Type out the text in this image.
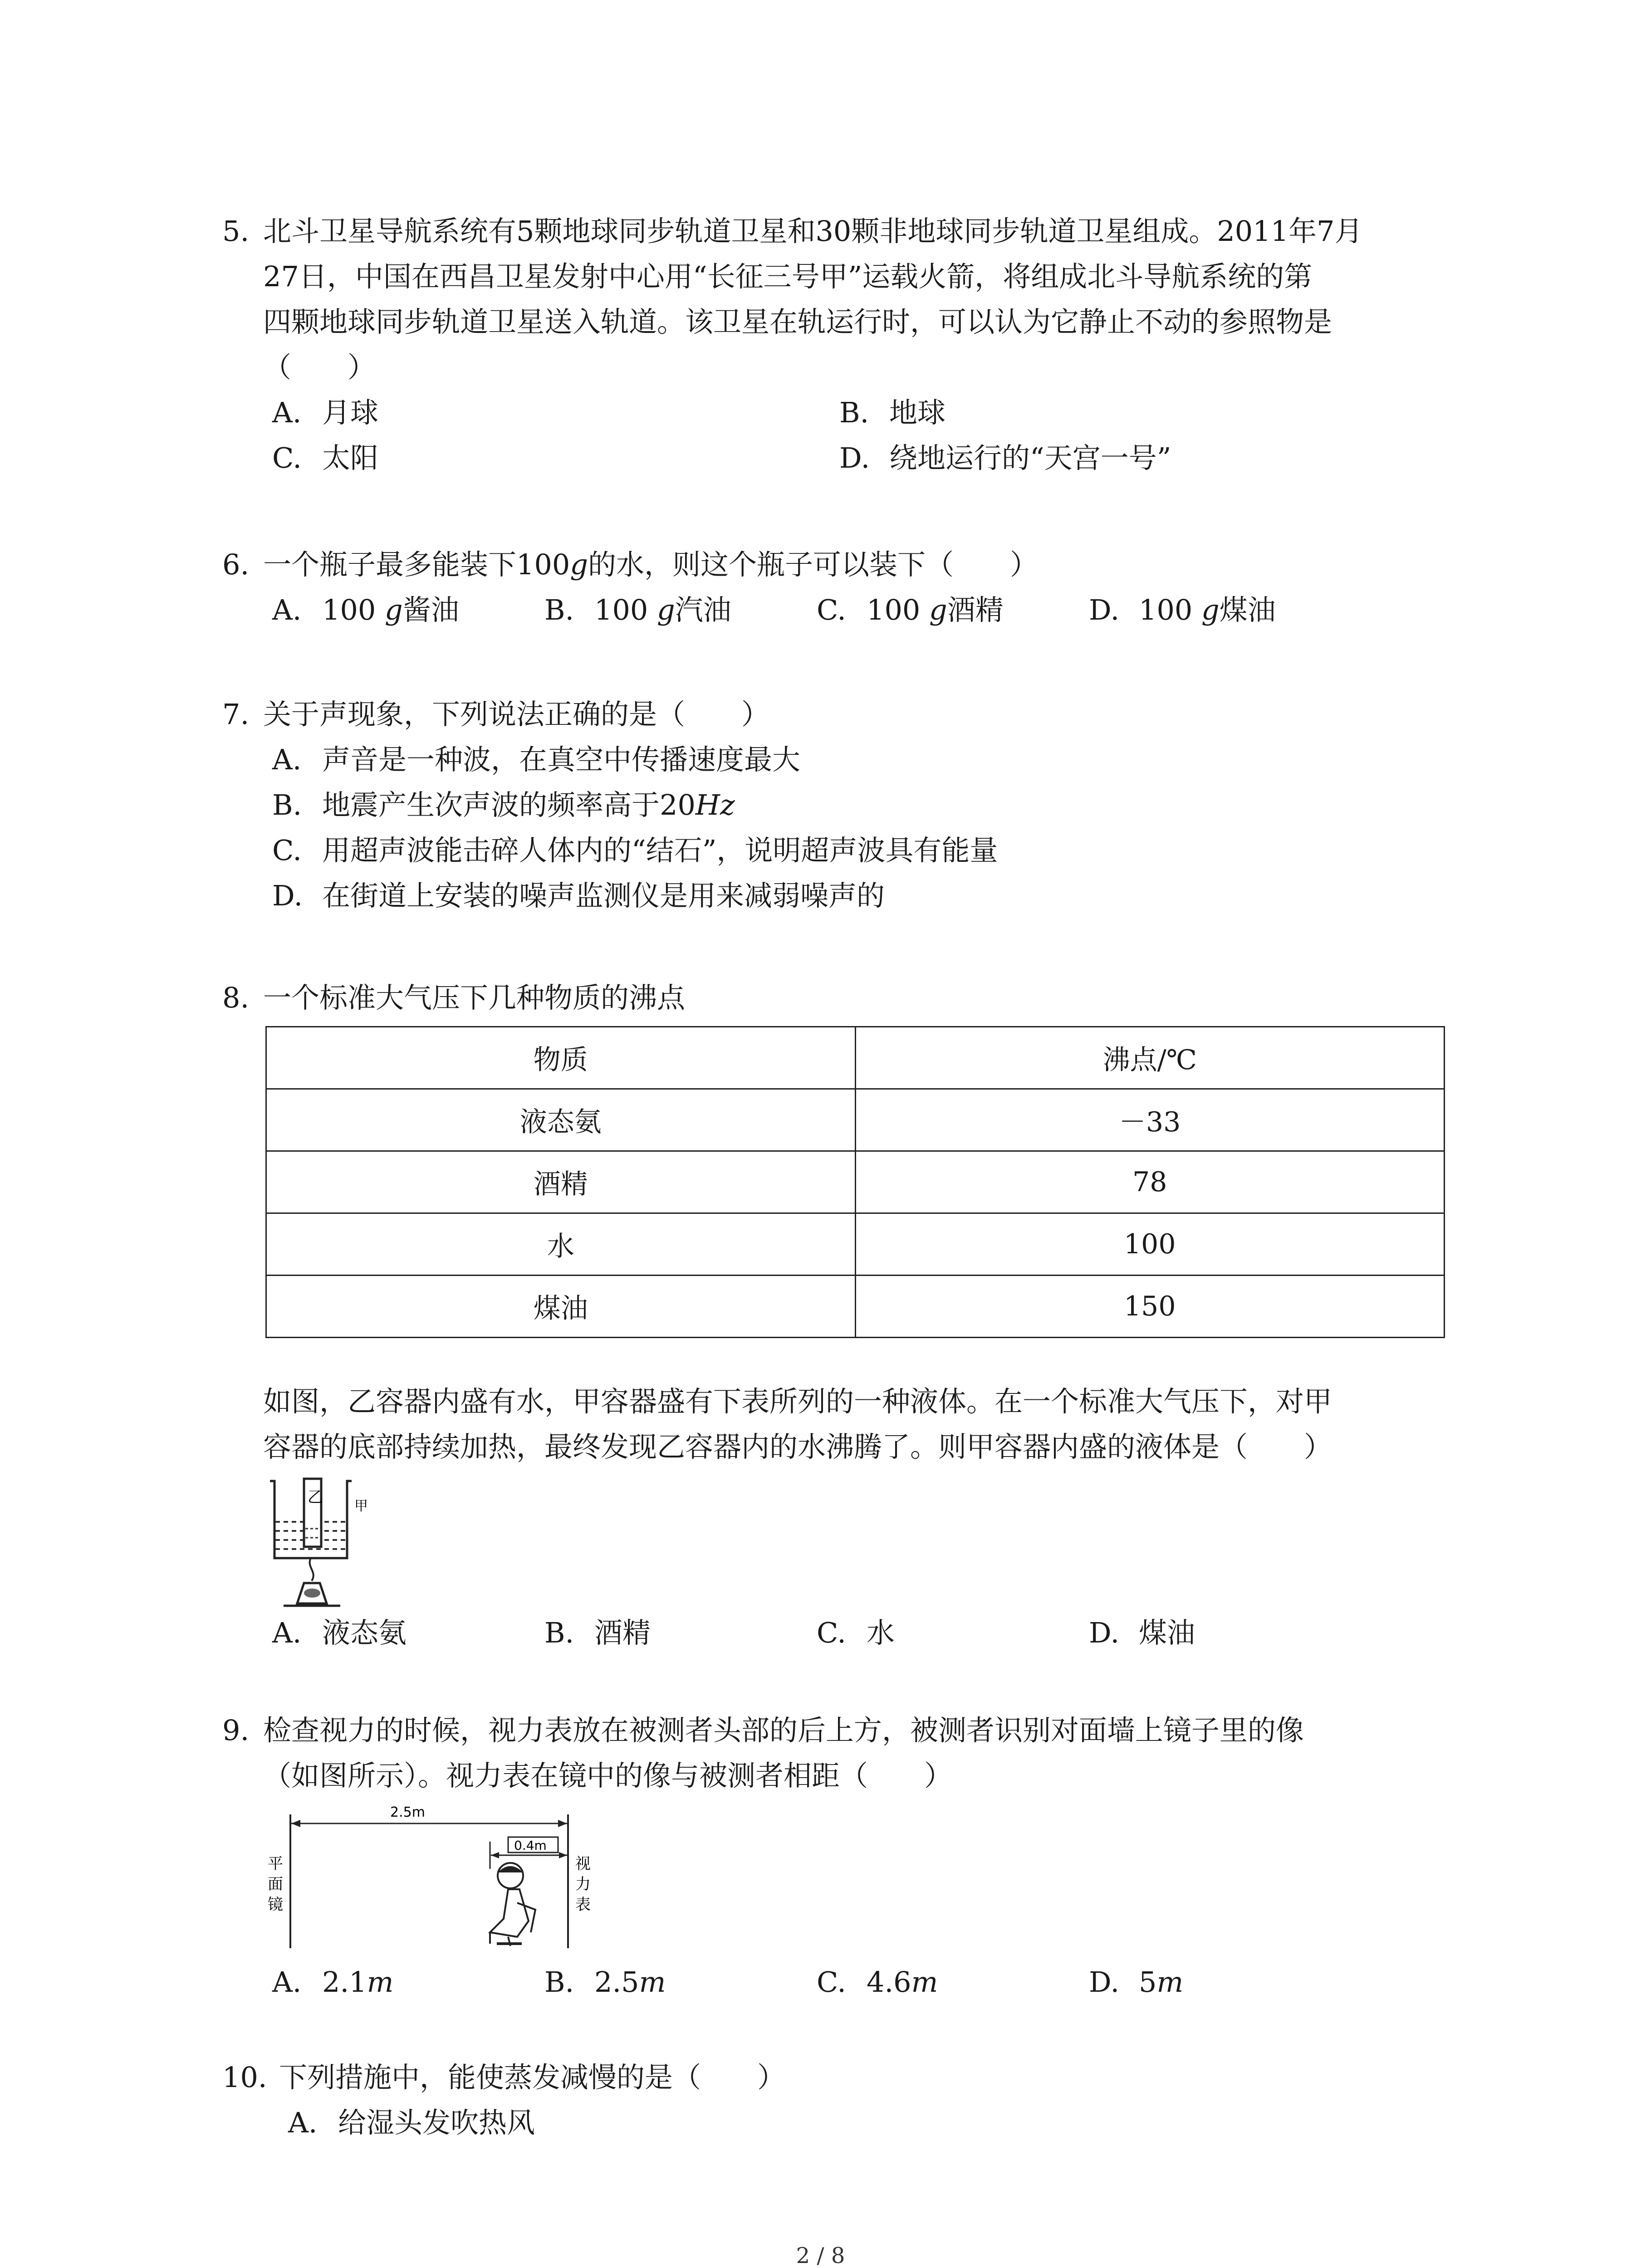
5. 北斗卫星导航系统有5颗地球同步轨道卫星和30颗非地球同步轨道卫星组成。2011年7月
27日，中国在西昌卫星发射中心用“长征三号甲”运载火箭，将组成北斗导航系统的第
四颗地球同步轨道卫星送入轨道。该卫星在轨运行时，可以认为它静止不动的参照物是
（　　）
A. 月球	B. 地球
C. 太阳	D. 绕地运行的“天宫一号”
6. 一个瓶子最多能装下100g的水，则这个瓶子可以装下（　　）
A. 100 g酱油	B. 100 g汽油	C. 100 g酒精	D. 100 g煤油
7. 关于声现象，下列说法正确的是（　　）
A. 声音是一种波，在真空中传播速度最大
B. 地震产生次声波的频率高于20Hz
C. 用超声波能击碎人体内的“结石”，说明超声波具有能量
D. 在街道上安装的噪声监测仪是用来减弱噪声的
8. 一个标准大气压下几种物质的沸点
物质	沸点/℃
液态氨	－33
酒精	78
水	100
煤油	150
如图，乙容器内盛有水，甲容器盛有下表所列的一种液体。在一个标准大气压下，对甲
容器的底部持续加热，最终发现乙容器内的水沸腾了。则甲容器内盛的液体是（　　）
乙 甲
A. 液态氨	B. 酒精	C. 水	D. 煤油
9. 检查视力的时候，视力表放在被测者头部的后上方，被测者识别对面墙上镜子里的像
（如图所示）。视力表在镜中的像与被测者相距（　　）
2.5m
0.4m
平
面
镜
视
力
表
A. 2.1m	B. 2.5m	C. 4.6m	D. 5m
10. 下列措施中，能使蒸发减慢的是（　　）
A. 给湿头发吹热风
2 / 8
